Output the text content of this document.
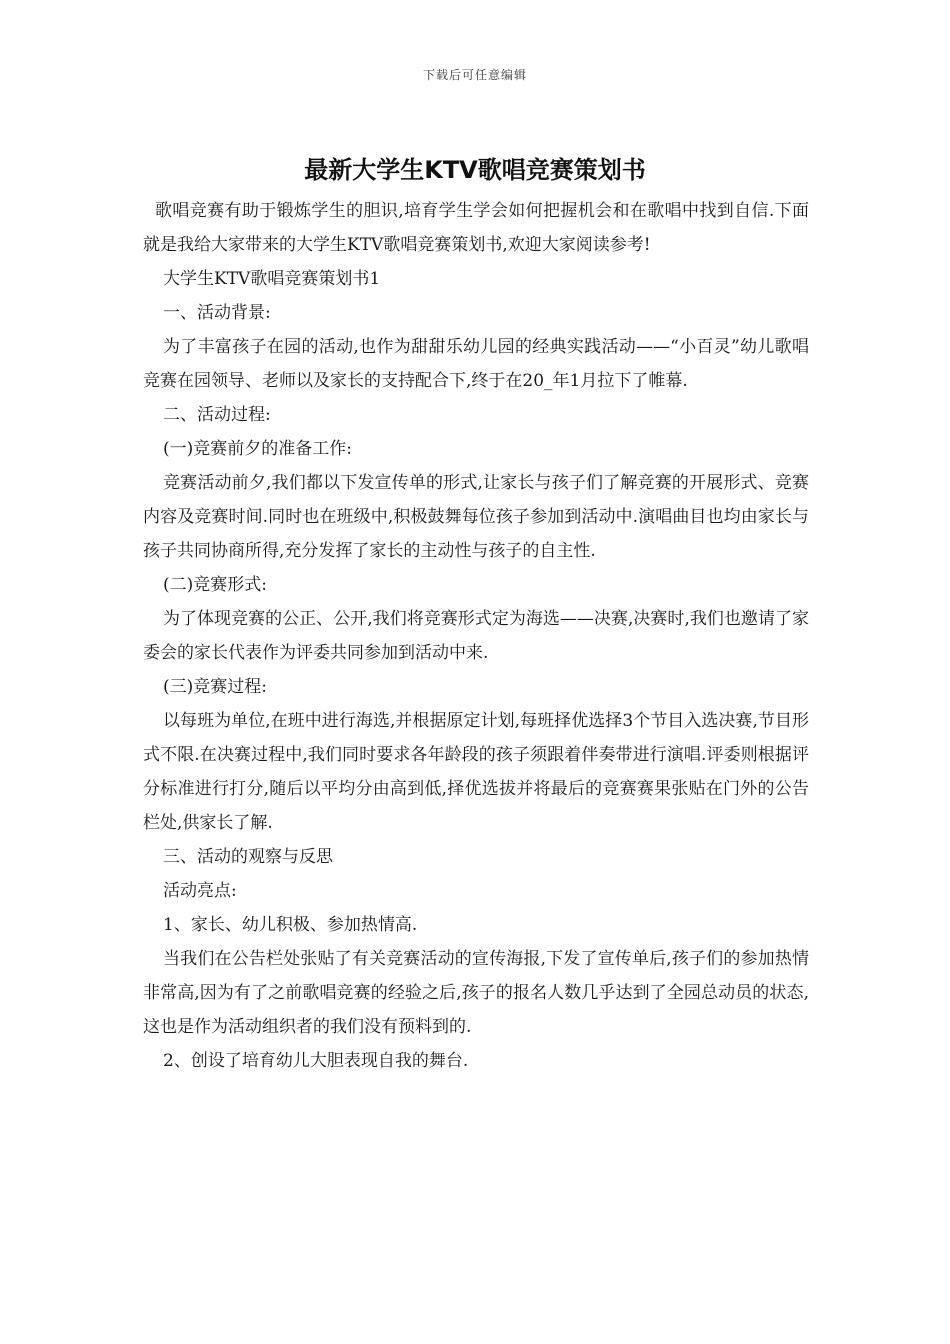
下载后可任意编辑
最新大学生KTV歌唱竞赛策划书

歌唱竞赛有助于锻炼学生的胆识,培育学生学会如何把握机会和在歌唱中找到自信.下面就是我给大家带来的大学生KTV歌唱竞赛策划书,欢迎大家阅读参考!

大学生KTV歌唱竞赛策划书1

一、活动背景:

为了丰富孩子在园的活动,也作为甜甜乐幼儿园的经典实践活动——“小百灵”幼儿歌唱竞赛在园领导、老师以及家长的支持配合下,终于在20_年1月拉下了帷幕.

二、活动过程:

(一)竞赛前夕的准备工作:

竞赛活动前夕,我们都以下发宣传单的形式,让家长与孩子们了解竞赛的开展形式、竞赛内容及竞赛时间.同时也在班级中,积极鼓舞每位孩子参加到活动中.演唱曲目也均由家长与孩子共同协商所得,充分发挥了家长的主动性与孩子的自主性.

(二)竞赛形式:

为了体现竞赛的公正、公开,我们将竞赛形式定为海选——决赛,决赛时,我们也邀请了家委会的家长代表作为评委共同参加到活动中来.

(三)竞赛过程:

以每班为单位,在班中进行海选,并根据原定计划,每班择优选择3个节目入选决赛,节目形式不限.在决赛过程中,我们同时要求各年龄段的孩子须跟着伴奏带进行演唱.评委则根据评分标准进行打分,随后以平均分由高到低,择优选拔并将最后的竞赛赛果张贴在门外的公告栏处,供家长了解.

三、活动的观察与反思

活动亮点:

1、家长、幼儿积极、参加热情高.

当我们在公告栏处张贴了有关竞赛活动的宣传海报,下发了宣传单后,孩子们的参加热情非常高,因为有了之前歌唱竞赛的经验之后,孩子的报名人数几乎达到了全园总动员的状态,这也是作为活动组织者的我们没有预料到的.

2、创设了培育幼儿大胆表现自我的舞台.
